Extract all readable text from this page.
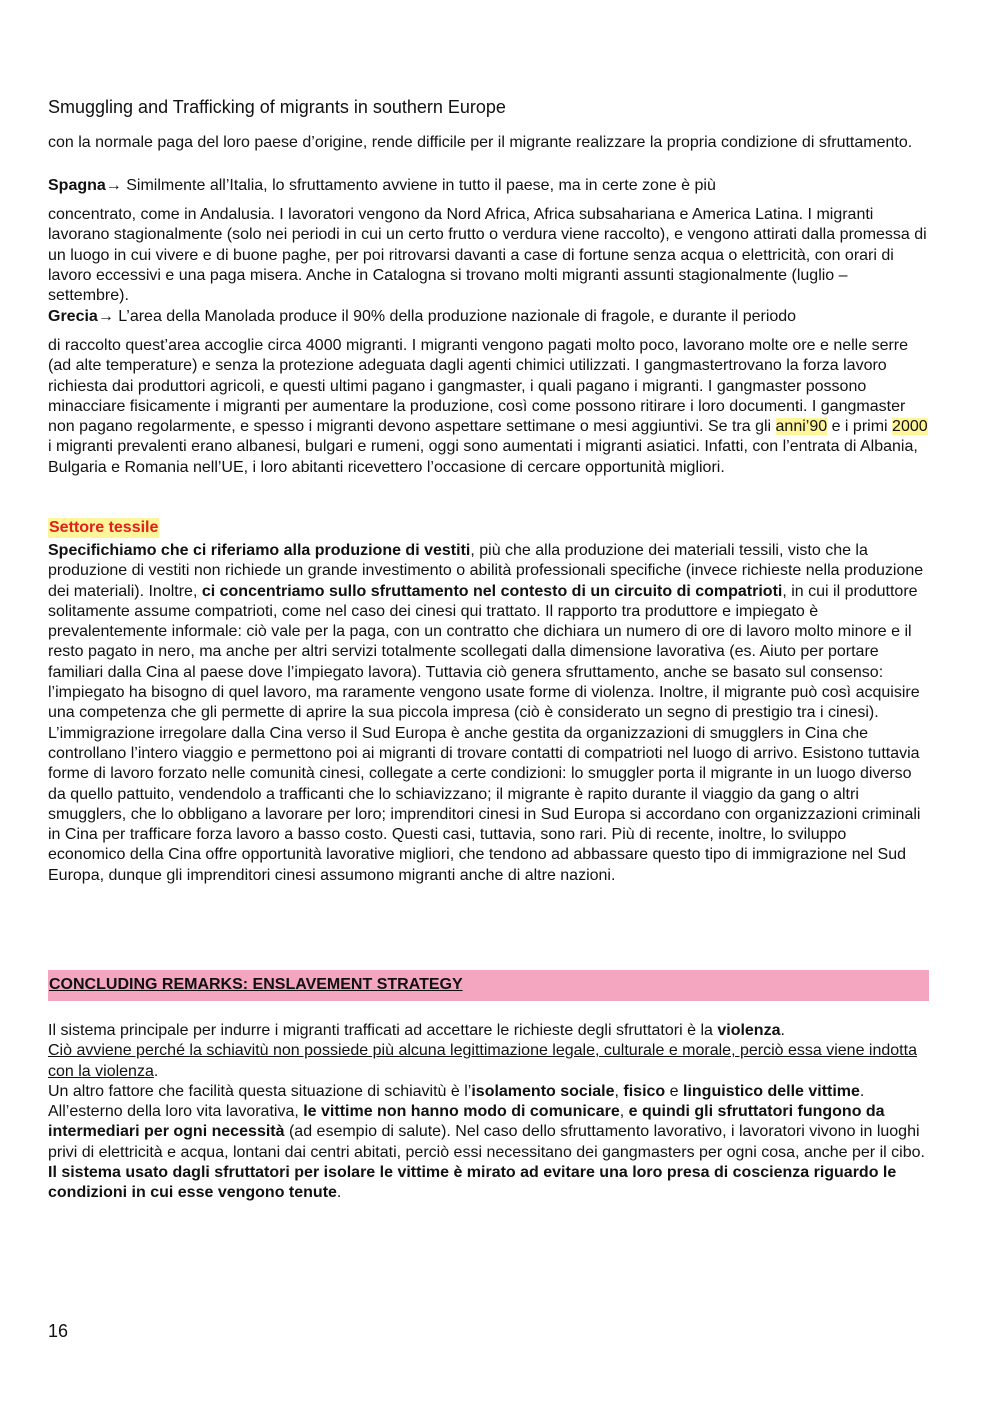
Smuggling and Trafficking of migrants in southern Europe

con la normale paga del loro paese d’origine, rende difficile per il migrante realizzare la propria condizione di sfruttamento.

Spagna→ Similmente all’Italia, lo sfruttamento avviene in tutto il paese, ma in certe zone è più

concentrato, come in Andalusia. I lavoratori vengono da Nord Africa, Africa subsahariana e America Latina. I migranti lavorano stagionalmente (solo nei periodi in cui un certo frutto o verdura viene raccolto), e vengono attirati dalla promessa di un luogo in cui vivere e di buone paghe, per poi ritrovarsi davanti a case di fortune senza acqua o elettricità, con orari di lavoro eccessivi e una paga misera. Anche in Catalogna si trovano molti migranti assunti stagionalmente (luglio – settembre).

Grecia→ L’area della Manolada produce il 90% della produzione nazionale di fragole, e durante il periodo

di raccolto quest’area accoglie circa 4000 migranti. I migranti vengono pagati molto poco, lavorano molte ore e nelle serre (ad alte temperature) e senza la protezione adeguata dagli agenti chimici utilizzati. I gangmastertrovano la forza lavoro richiesta dai produttori agricoli, e questi ultimi pagano i gangmaster, i quali pagano i migranti. I gangmaster possono minacciare fisicamente i migranti per aumentare la produzione, così come possono ritirare i loro documenti. I gangmaster non pagano regolarmente, e spesso i migranti devono aspettare settimane o mesi aggiuntivi. Se tra gli anni’90 e i primi 2000 i migranti prevalenti erano albanesi, bulgari e rumeni, oggi sono aumentati i migranti asiatici. Infatti, con l’entrata di Albania, Bulgaria e Romania nell’UE, i loro abitanti ricevettero l’occasione di cercare opportunità migliori.

Settore tessile

Specifichiamo che ci riferiamo alla produzione di vestiti, più che alla produzione dei materiali tessili, visto che la produzione di vestiti non richiede un grande investimento o abilità professionali specifiche (invece richieste nella produzione dei materiali). Inoltre, ci concentriamo sullo sfruttamento nel contesto di un circuito di compatrioti, in cui il produttore solitamente assume compatrioti, come nel caso dei cinesi qui trattato. Il rapporto tra produttore e impiegato è prevalentemente informale: ciò vale per la paga, con un contratto che dichiara un numero di ore di lavoro molto minore e il resto pagato in nero, ma anche per altri servizi totalmente scollegati dalla dimensione lavorativa (es. Aiuto per portare familiari dalla Cina al paese dove l’impiegato lavora). Tuttavia ciò genera sfruttamento, anche se basato sul consenso: l’impiegato ha bisogno di quel lavoro, ma raramente vengono usate forme di violenza. Inoltre, il migrante può così acquisire una competenza che gli permette di aprire la sua piccola impresa (ciò è considerato un segno di prestigio tra i cinesi). L’immigrazione irregolare dalla Cina verso il Sud Europa è anche gestita da organizzazioni di smugglers in Cina che controllano l’intero viaggio e permettono poi ai migranti di trovare contatti di compatrioti nel luogo di arrivo. Esistono tuttavia forme di lavoro forzato nelle comunità cinesi, collegate a certe condizioni: lo smuggler porta il migrante in un luogo diverso da quello pattuito, vendendolo a trafficanti che lo schiavizzano; il migrante è rapito durante il viaggio da gang o altri smugglers, che lo obbligano a lavorare per loro; imprenditori cinesi in Sud Europa si accordano con organizzazioni criminali in Cina per trafficare forza lavoro a basso costo. Questi casi, tuttavia, sono rari. Più di recente, inoltre, lo sviluppo economico della Cina offre opportunità lavorative migliori, che tendono ad abbassare questo tipo di immigrazione nel Sud Europa, dunque gli imprenditori cinesi assumono migranti anche di altre nazioni.

CONCLUDING REMARKS: ENSLAVEMENT STRATEGY

Il sistema principale per indurre i migranti trafficati ad accettare le richieste degli sfruttatori è la violenza.
Ciò avviene perché la schiavitù non possiede più alcuna legittimazione legale, culturale e morale, perciò essa viene indotta con la violenza.
Un altro fattore che facilità questa situazione di schiavitù è l’isolamento sociale, fisico e linguistico delle vittime. All’esterno della loro vita lavorativa, le vittime non hanno modo di comunicare, e quindi gli sfruttatori fungono da intermediari per ogni necessità (ad esempio di salute). Nel caso dello sfruttamento lavorativo, i lavoratori vivono in luoghi privi di elettricità e acqua, lontani dai centri abitati, perciò essi necessitano dei gangmasters per ogni cosa, anche per il cibo. Il sistema usato dagli sfruttatori per isolare le vittime è mirato ad evitare una loro presa di coscienza riguardo le condizioni in cui esse vengono tenute.

16
